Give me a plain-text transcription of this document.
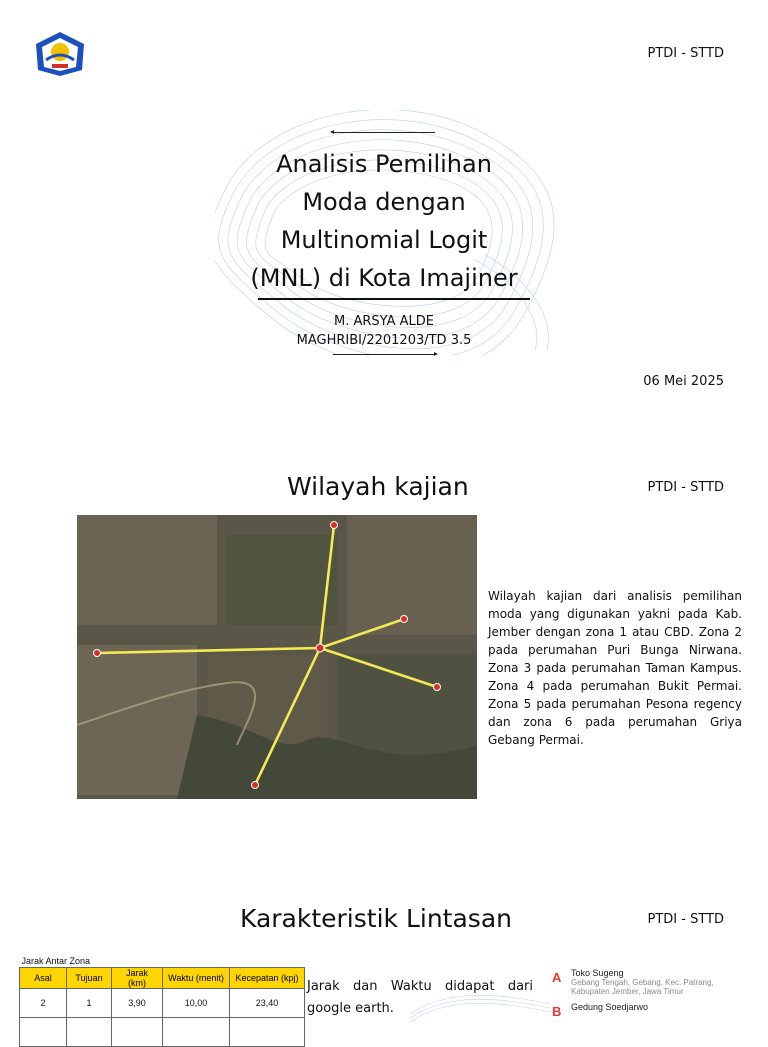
PTDI - STTD
Analisis Pemilihan
Moda dengan
Multinomial Logit
(MNL) di Kota Imajiner
M. ARSYA ALDE
MAGHRIBI/2201203/TD 3.5
06 Mei 2025
Wilayah kajian	PTDI - STTD
Wilayah kajian dari analisis pemilihan moda yang digunakan yakni pada Kab. Jember dengan zona 1 atau CBD. Zona 2 pada perumahan Puri Bunga Nirwana. Zona 3 pada perumahan Taman Kampus. Zona 4 pada perumahan Bukit Permai. Zona 5 pada perumahan Pesona regency dan zona 6 pada perumahan Griya Gebang Permai.
Karakteristik Lintasan	PTDI - STTD
Jarak Antar Zona				
Asal	Tujuan	Jarak (km)	Waktu (menit)	Kecepatan (kpj)
2	1	3,90	10,00	23,40

Jarak dan Waktu didapat dari google earth.
A Toko Sugeng
Gebang Tengah, Gebang, Kec. Patrang, Kabupaten Jember, Jawa Timur
B Gedung Soedjarwo
